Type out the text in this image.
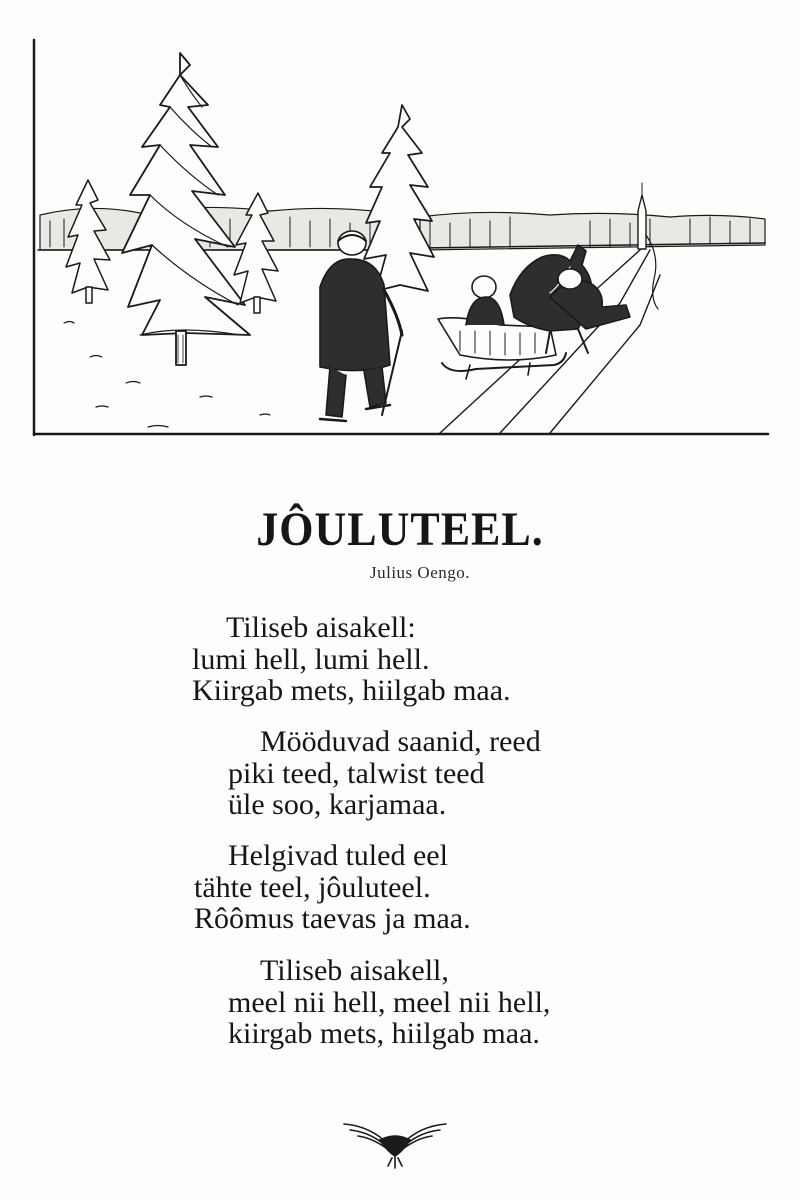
JÔULUTEEL.
Julius Oengo.
Tiliseb aisakell:
lumi hell, lumi hell.
Kiirgab mets, hiilgab maa.
Mööduvad saanid, reed
piki teed, talwist teed
üle soo, karjamaa.
Helgivad tuled eel
tähte teel, jôuluteel.
Rôômus taevas ja maa.
Tiliseb aisakell,
meel nii hell, meel nii hell,
kiirgab mets, hiilgab maa.
